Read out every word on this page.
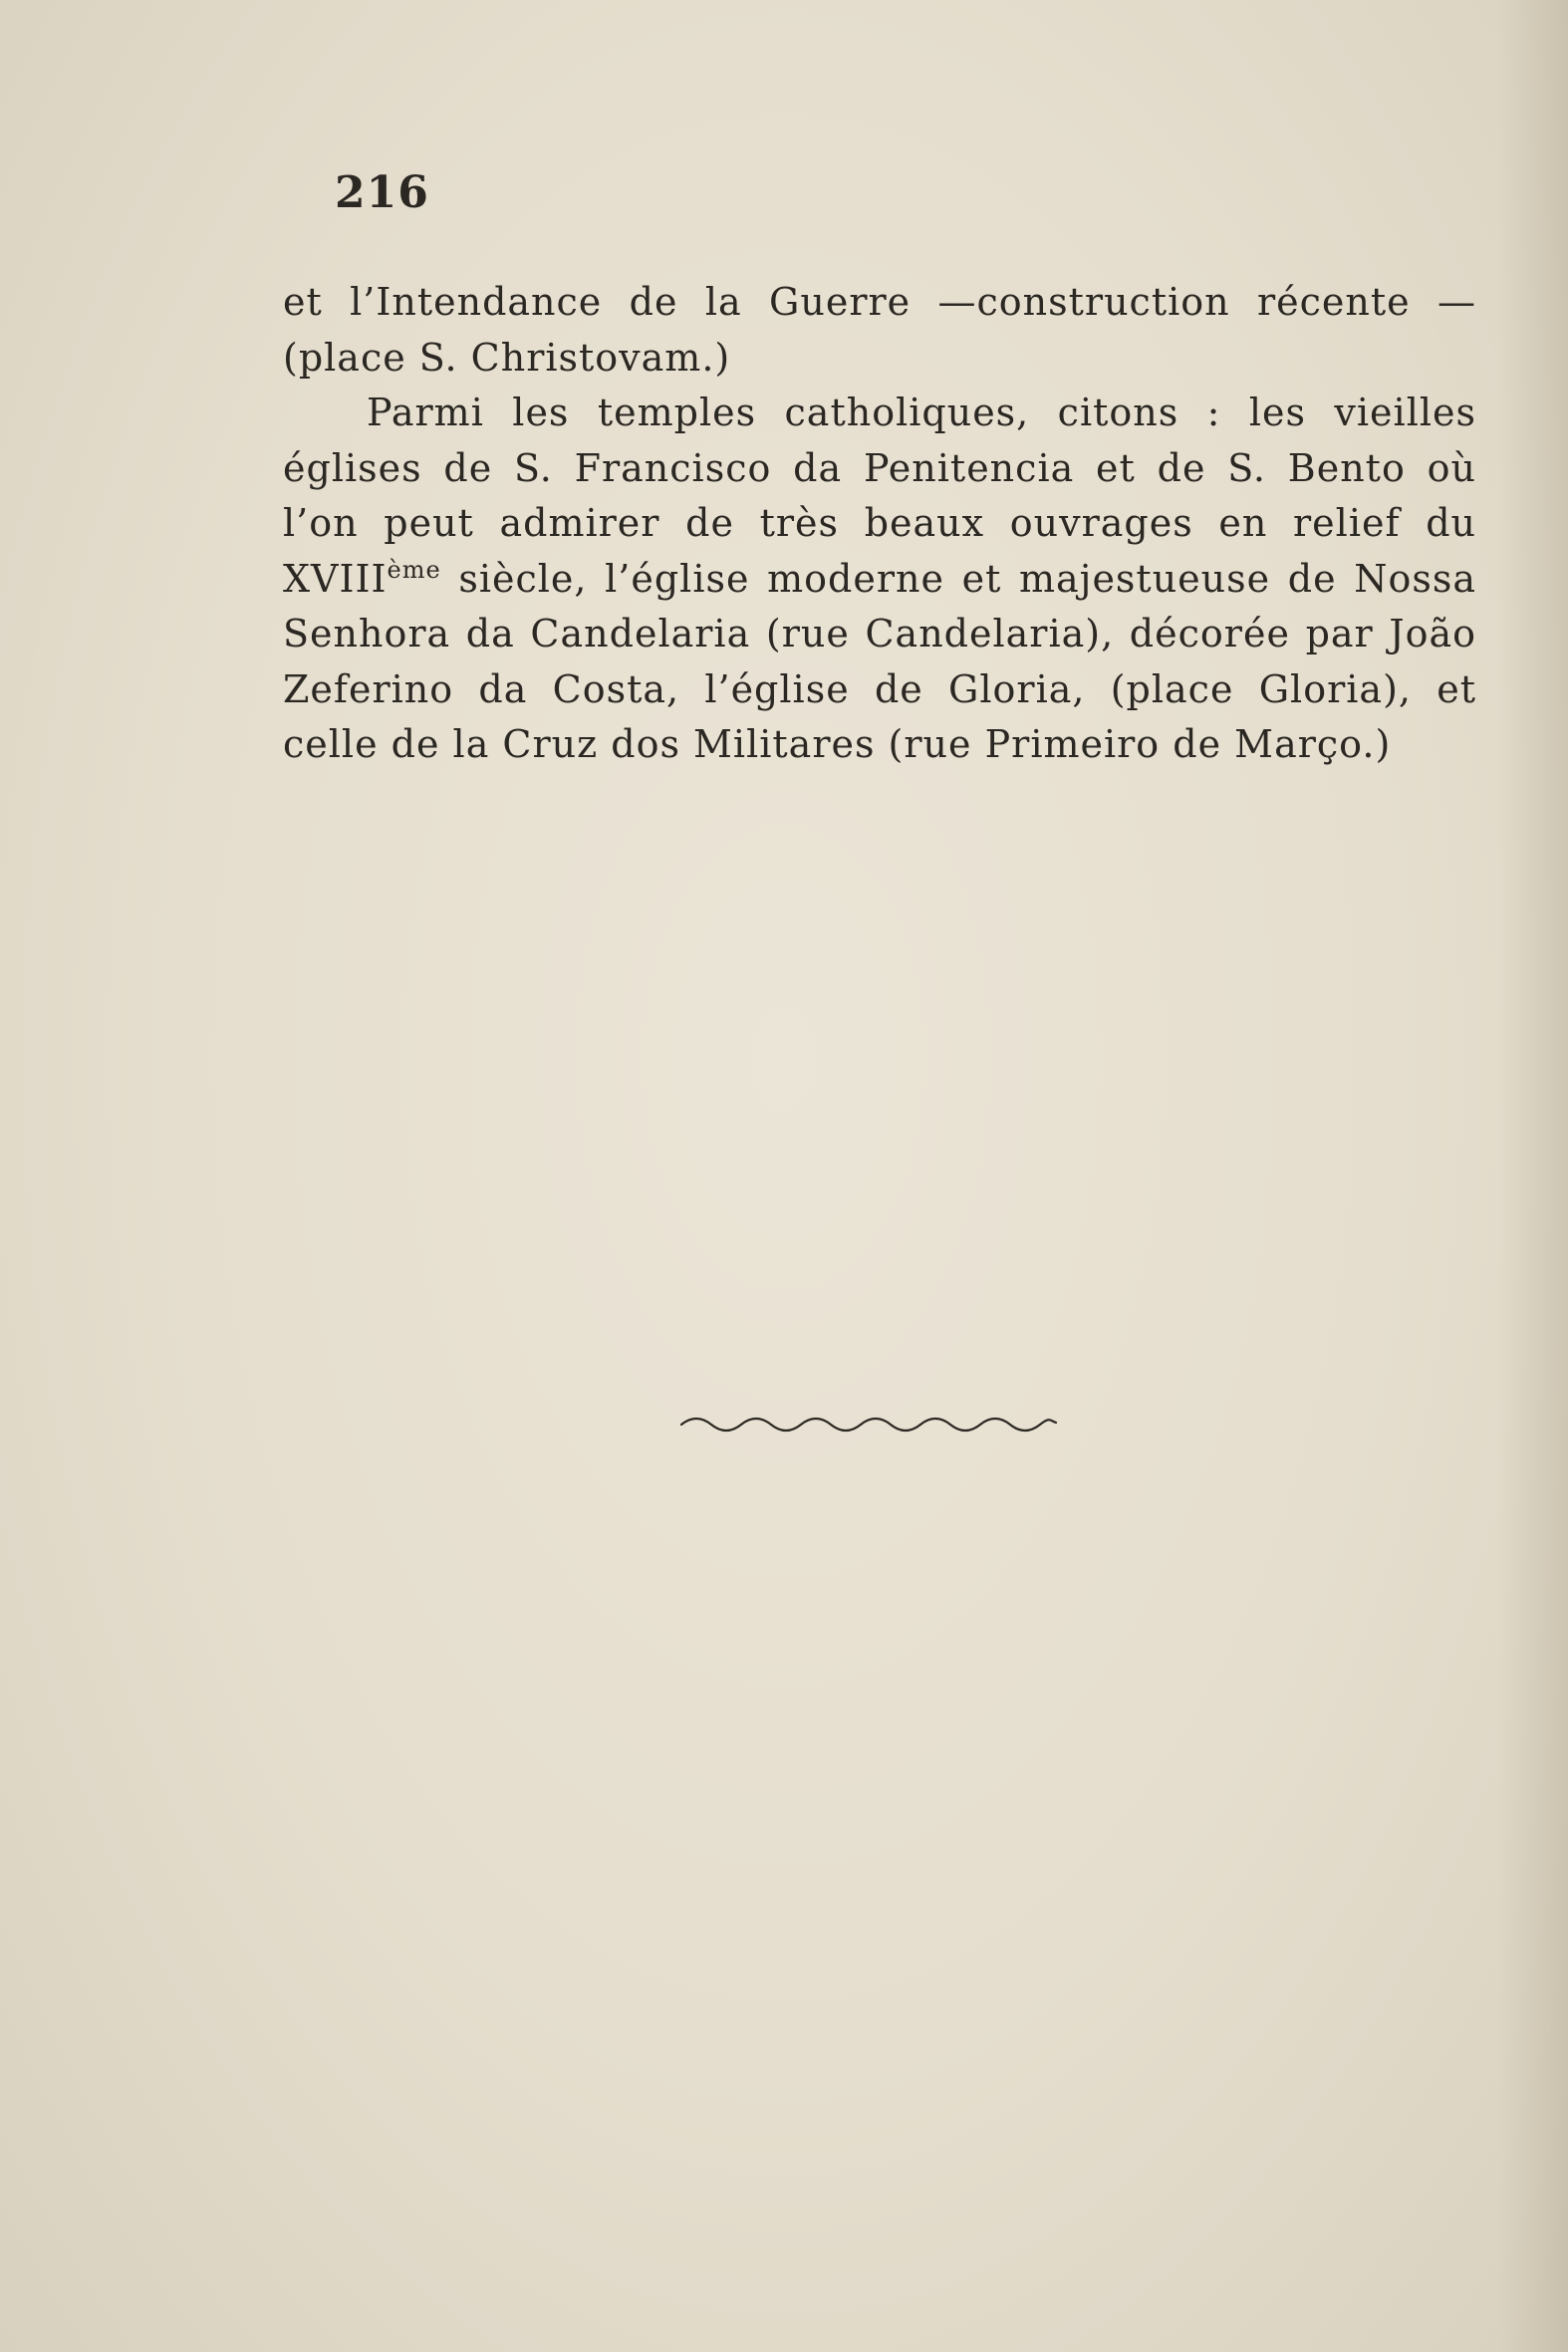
216

et l’Intendance de la Guerre —construction récente —(place S. Christovam.)

Parmi les temples catholiques, citons : les vieilles églises de S. Francisco da Penitencia et de S. Bento où l’on peut admirer de très beaux ouvrages en relief du XVIIIème siècle, l’église moderne et majestueuse de Nossa Senhora da Candelaria (rue Candelaria), décorée par João Zeferino da Costa, l’église de Gloria, (place Gloria), et celle de la Cruz dos Militares (rue Primeiro de Março.)
